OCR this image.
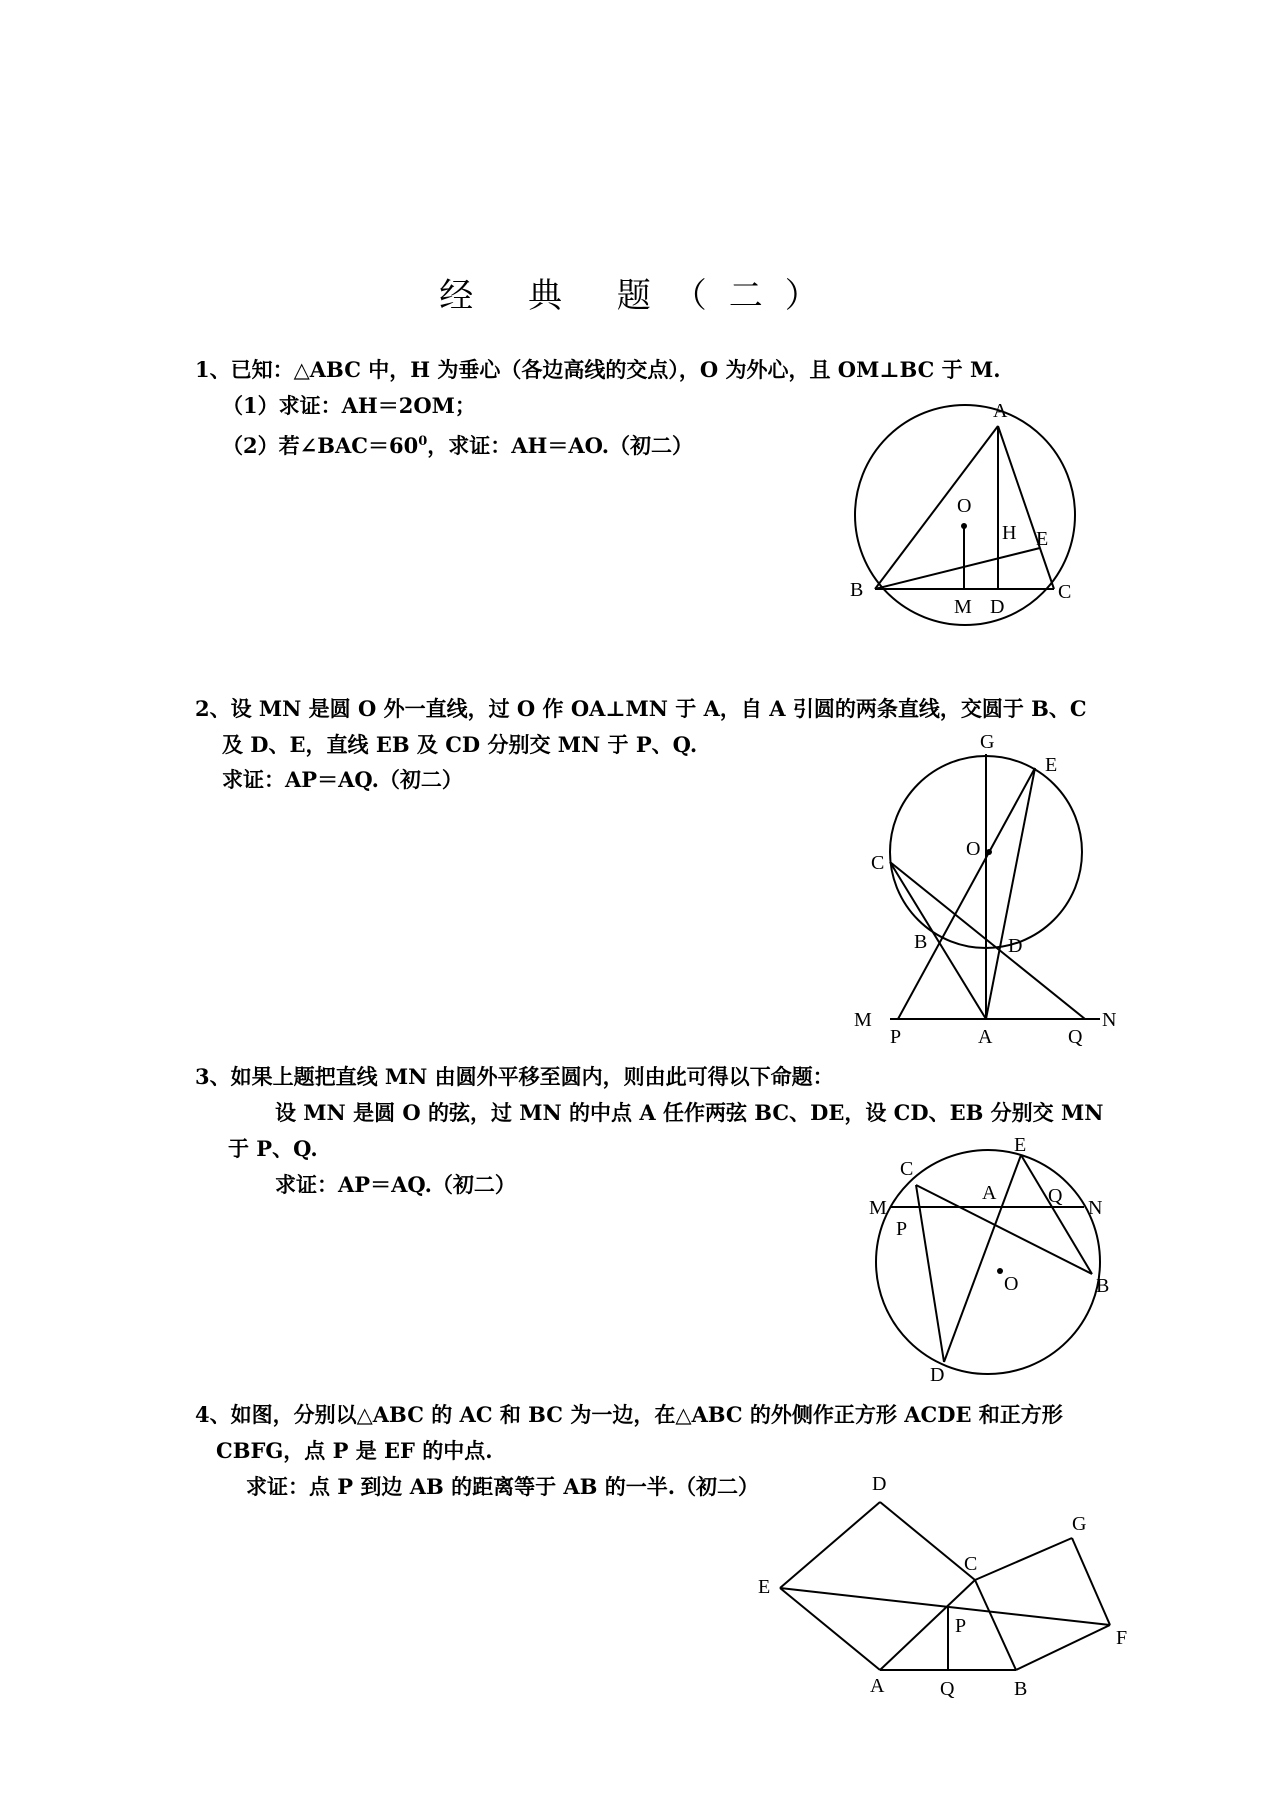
经 典 题（二）
1、已知：△ABC 中，H 为垂心（各边高线的交点），O 为外心，且 OM⊥BC 于 M.
（1）求证：AH＝2OM；
（2）若$\angle BAC=60^0$，求证：AH＝AO.（初二）
A
O
H E
B
M D
C
2、设 MN 是圆 O 外一直线，过 O 作 OA⊥MN 于 A，自 A 引圆的两条直线，交圆于 B、C
及 D、E，直线 EB 及 CD 分别交 MN 于 P、Q.
求证：AP＝AQ.（初二）
G
E
O
C
B	D
M
P	A	Q
N
3、如果上题把直线 MN 由圆外平移至圆内，则由此可得以下命题：
设 MN 是圆 O 的弦，过 MN 的中点 A 任作两弦 BC、DE，设 CD、EB 分别交 MN
于 P、Q.
求证：AP＝AQ.（初二）
E
C
A	Q
M	N
P
O	B
D
4、如图，分别以△ABC 的 AC 和 BC 为一边，在△ABC 的外侧作正方形 ACDE 和正方形
CBFG，点 P 是 EF 的中点.
求证：点 P 到边 AB 的距离等于 AB 的一半.（初二）	D
G
C
E
P
F
A	Q	B
